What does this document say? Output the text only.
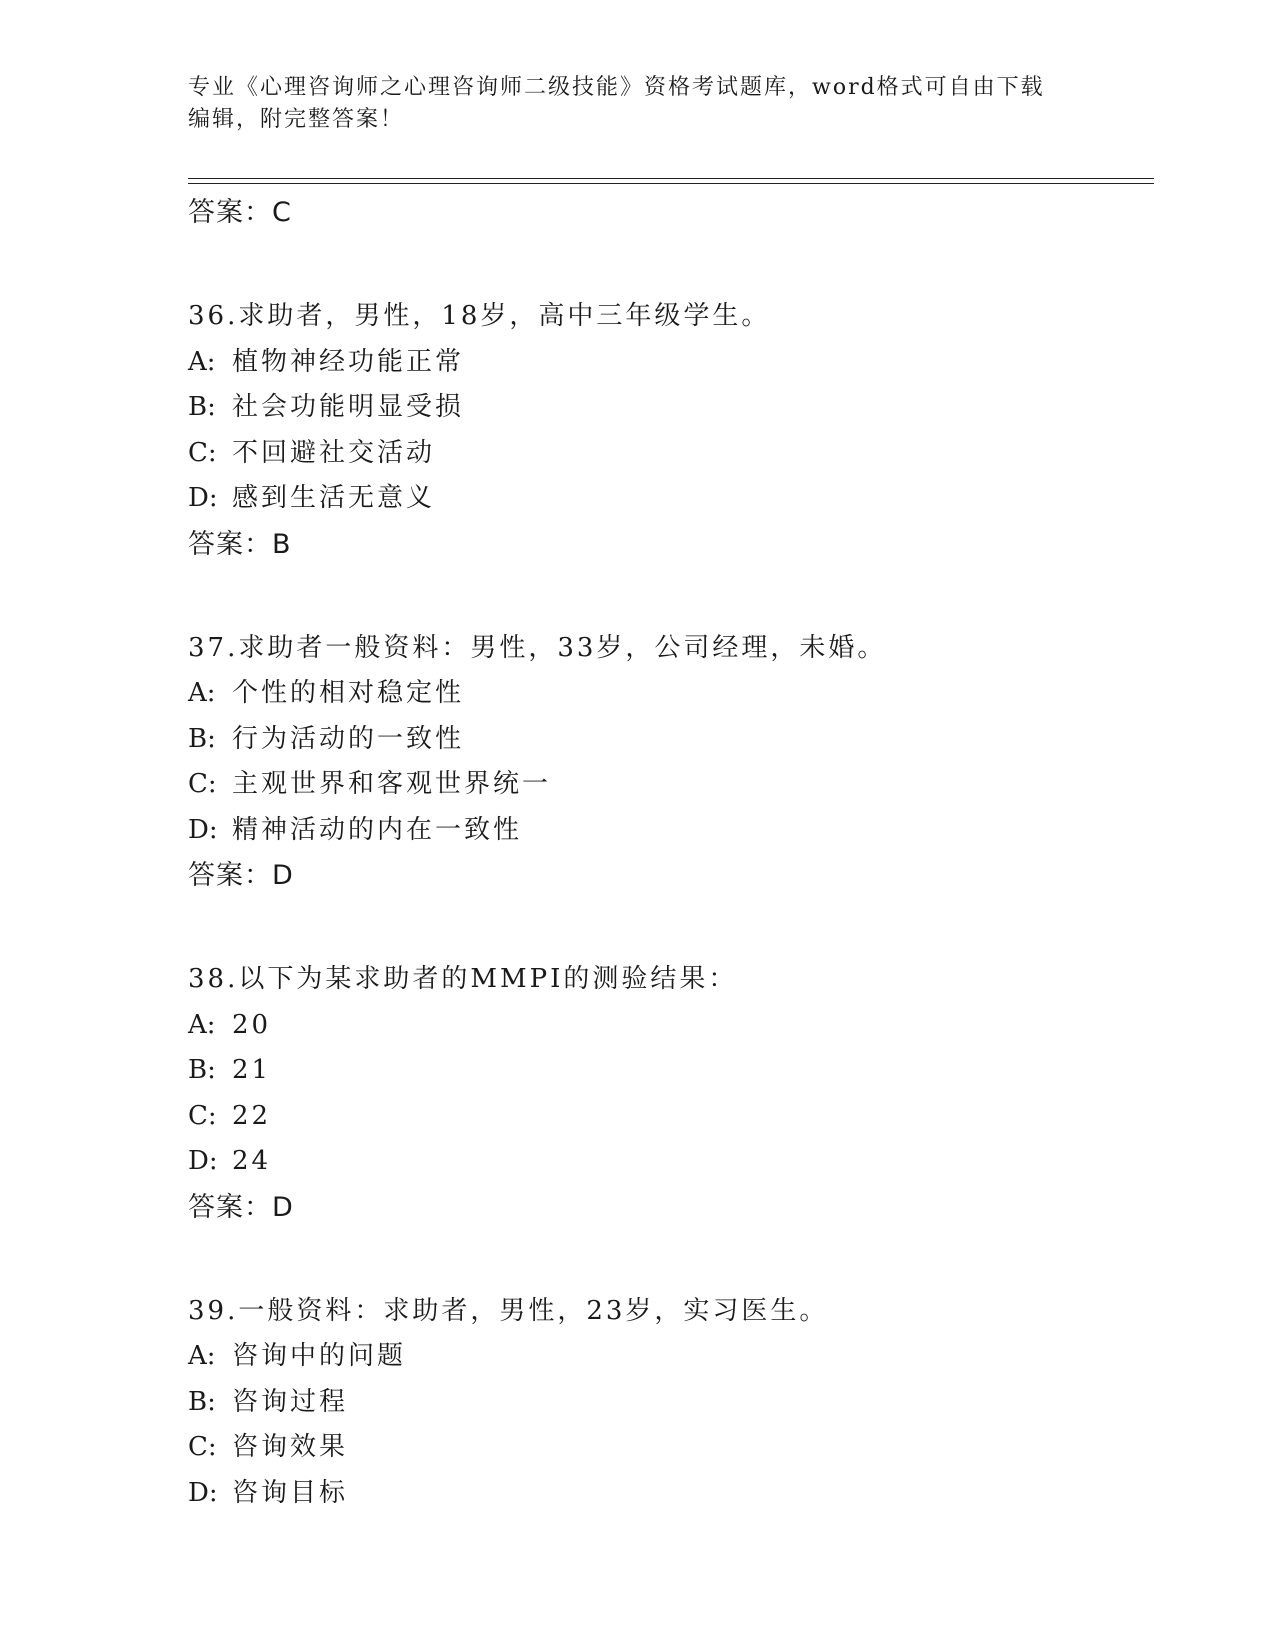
专业《心理咨询师之心理咨询师二级技能》资格考试题库，word格式可自由下载
编辑，附完整答案！
答案：C
36.求助者，男性，18岁，高中三年级学生。
A: 植物神经功能正常
B: 社会功能明显受损
C: 不回避社交活动
D: 感到生活无意义
答案：B
37.求助者一般资料：男性，33岁，公司经理，未婚。
A: 个性的相对稳定性
B: 行为活动的一致性
C: 主观世界和客观世界统一
D: 精神活动的内在一致性
答案：D
38.以下为某求助者的MMPI的测验结果：
A: 20
B: 21
C: 22
D: 24
答案：D
39.一般资料：求助者，男性，23岁，实习医生。
A: 咨询中的问题
B: 咨询过程
C: 咨询效果
D: 咨询目标
